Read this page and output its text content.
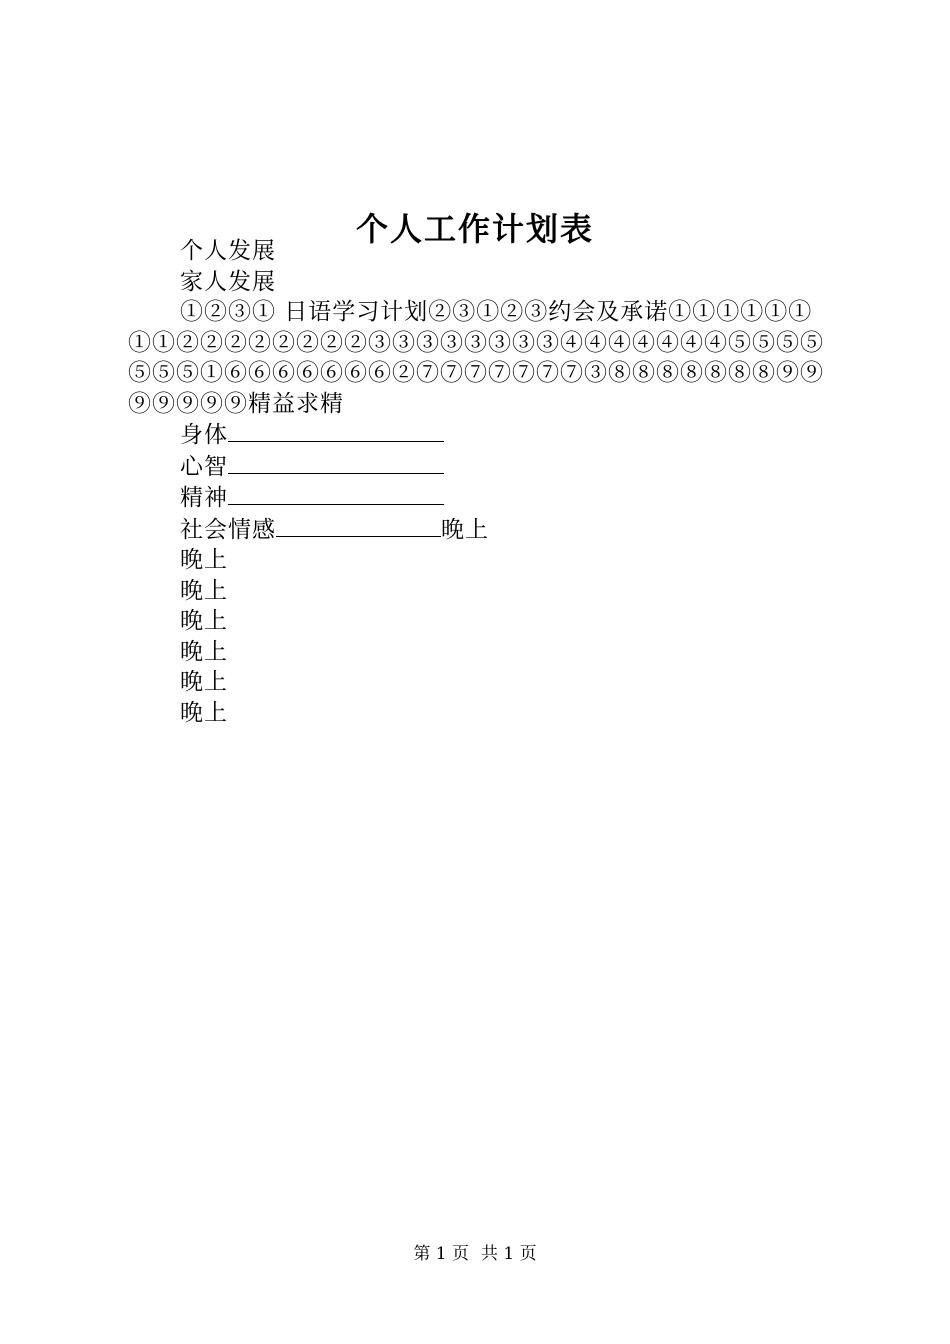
个人工作计划表

个人发展

家人发展

①②③① 日语学习计划②③①②③约会及承诺①①①①①①①①②②②②②②②②③③③③③③③③④④④④④④④⑤⑤⑤⑤⑤⑤⑤①⑥⑥⑥⑥⑥⑥⑥②⑦⑦⑦⑦⑦⑦⑦③⑧⑧⑧⑧⑧⑧⑧⑨⑨⑨⑨⑨⑨⑨精益求精

身体

心智

精神

社会情感	晚上

晚上

晚上

晚上

晚上

晚上

晚上

第 1 页 共 1 页
